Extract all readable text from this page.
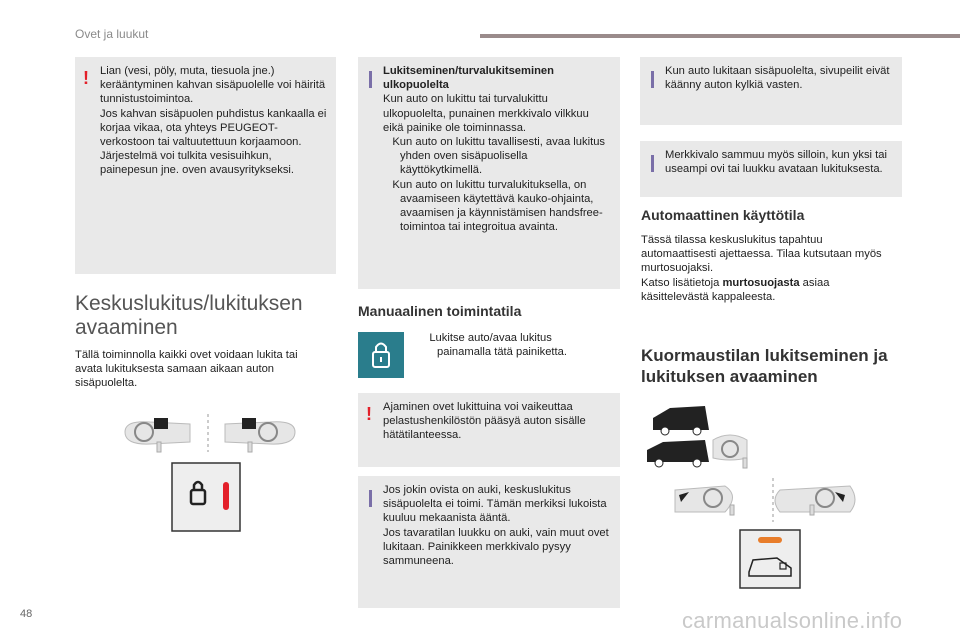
Ovet ja luukut
! Lian (vesi, pöly, muta, tiesuola jne.) kerääntyminen kahvan sisäpuolelle voi häiritä tunnistustoimintoa.

Jos kahvan sisäpuolen puhdistus kankaalla ei korjaa vikaa, ota yhteys PEUGEOT-verkostoon tai valtuutettuun korjaamoon.

Järjestelmä voi tulkita vesisuihkun, painepesun jne. oven avausyritykseksi.

Keskuslukitus/lukituksen
avaaminen
Tällä toiminnolla kaikki ovet voidaan lukita tai avata lukituksesta samaan aikaan auton sisäpuolelta.

Lukitseminen/turvalukitseminen ulkopuolelta

Kun auto on lukittu tai turvalukittu ulkopuolelta, punainen merkkivalo vilkkuu eikä painike ole toiminnassa.

Kun auto on lukittu tavallisesti, avaa lukitus yhden oven sisäpuolisella käyttökytkimellä.

Kun auto on lukittu turvalukituksella, on avaamiseen käytettävä kauko-ohjainta, avaamisen ja käynnistämisen handsfree-toimintoa tai integroitua avainta.

Manuaalinen toimintatila

Lukitse auto/avaa lukitus painamalla tätä painiketta.

! Ajaminen ovet lukittuina voi vaikeuttaa pelastushenkilöstön pääsyä auton sisälle hätätilanteessa.

Jos jokin ovista on auki, keskuslukitus sisäpuolelta ei toimi. Tämän merkiksi lukoista kuuluu mekaanista ääntä.

Jos tavaratilan luukku on auki, vain muut ovet lukitaan. Painikkeen merkkivalo pysyy sammuneena.

Kun auto lukitaan sisäpuolelta, sivupeilit eivät käänny auton kylkiä vasten.

Merkkivalo sammuu myös silloin, kun yksi tai useampi ovi tai luukku avataan lukituksesta.

Automaattinen käyttötila

Tässä tilassa keskuslukitus tapahtuu automaattisesti ajettaessa. Tilaa kutsutaan myös murtosuojaksi.

Katso lisätietoja murtosuojasta asiaa käsittelevästä kappaleesta.

Kuormaustilan lukitseminen ja
lukituksen avaaminen
48	carmanualsonline.info
